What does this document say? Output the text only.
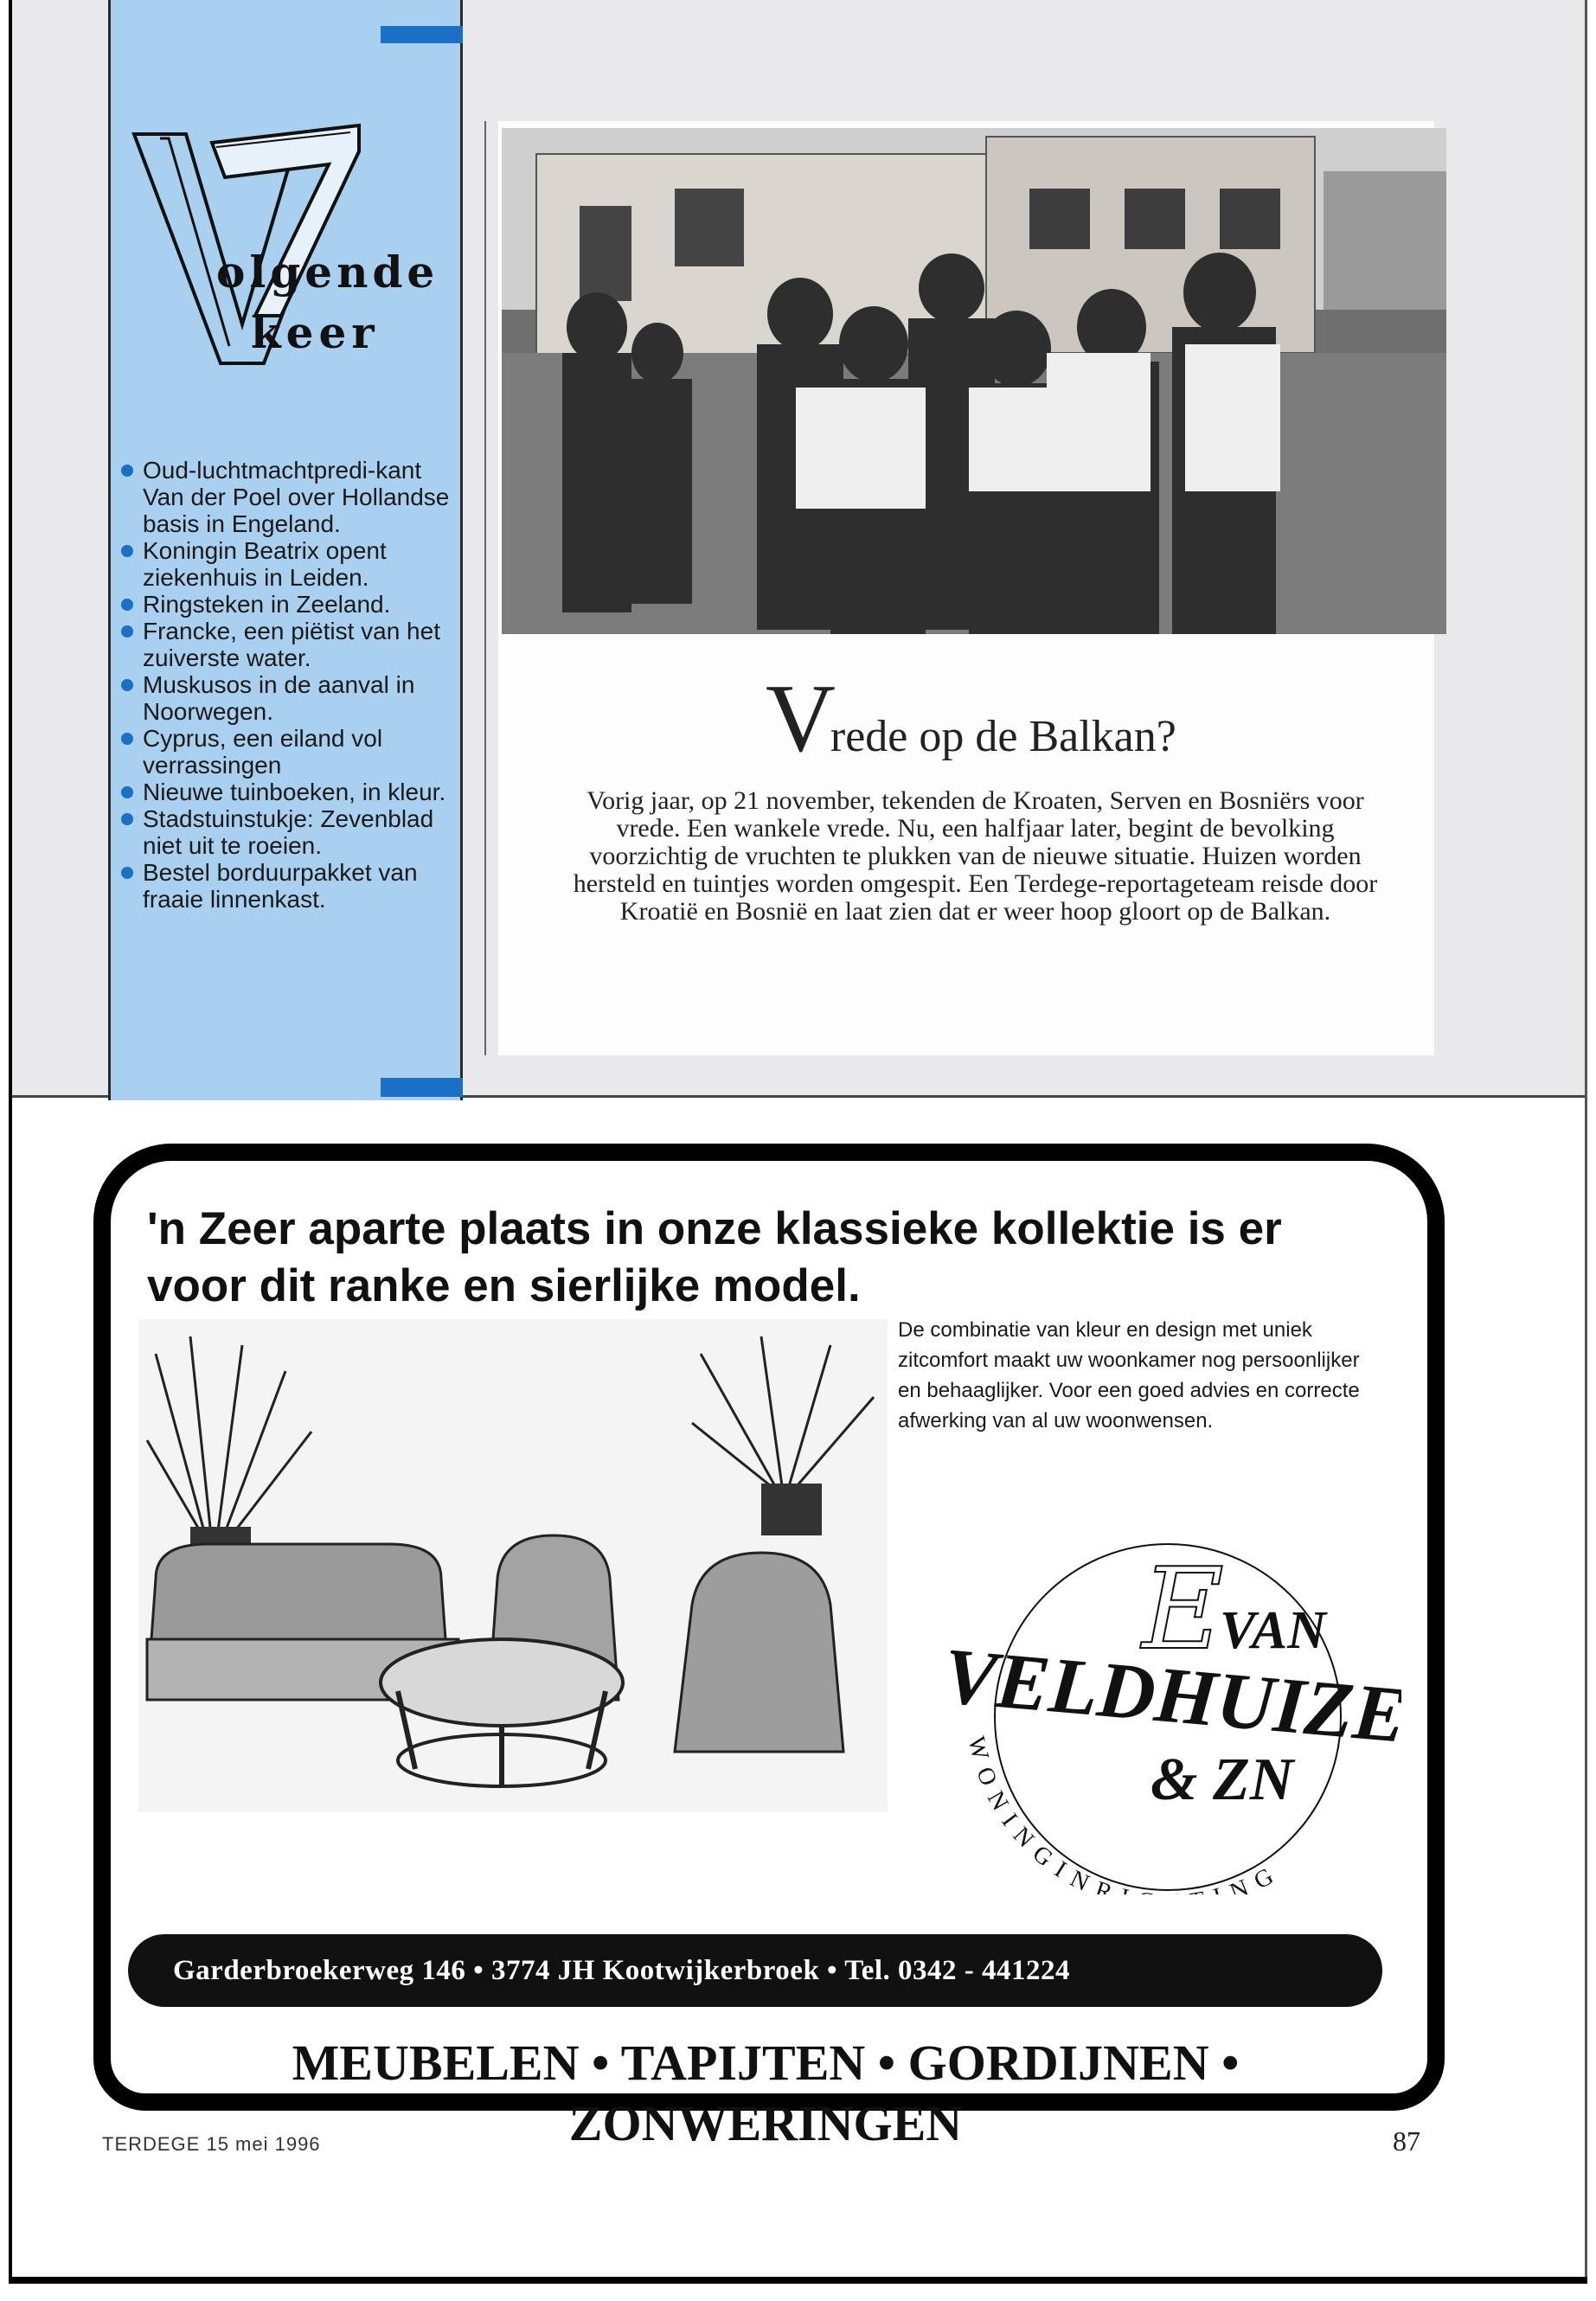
olgende
keer
Oud-luchtmachtpredi-kant Van der Poel over Hollandse basis in Engeland.
Koningin Beatrix opent ziekenhuis in Leiden.
Ringsteken in Zeeland.
Francke, een piëtist van het zuiverste water.
Muskusos in de aanval in Noorwegen.
Cyprus, een eiland vol verrassingen
Nieuwe tuinboeken, in kleur.
Stadstuinstukje: Zevenblad niet uit te roeien.
Bestel borduurpakket van fraaie linnenkast.
Vrede op de Balkan?
Vorig jaar, op 21 november, tekenden de Kroaten, Serven en Bosniërs voor vrede. Een wankele vrede. Nu, een halfjaar later, begint de bevolking voorzichtig de vruchten te plukken van de nieuwe situatie. Huizen worden hersteld en tuintjes worden omgespit. Een Terdege-reportageteam reisde door Kroatië en Bosnië en laat zien dat er weer hoop gloort op de Balkan.
'n Zeer aparte plaats in onze klassieke kollektie is er voor dit ranke en sierlijke model.
De combinatie van kleur en design met uniek zitcomfort maakt uw woonkamer nog persoonlijker en behaaglijker. Voor een goed advies en correcte afwerking van al uw woonwensen.
E
VAN
VELDHUIZEN
& ZN
WONINGINR NG
Garderbroekerweg 146 • 3774 JH Kootwijkerbroek • Tel. 0342 - 441224
MEUBELEN • TAPIJTEN • GORDIJNEN • ZONWERINGEN
TERDEGE 15 mei 1996	87
